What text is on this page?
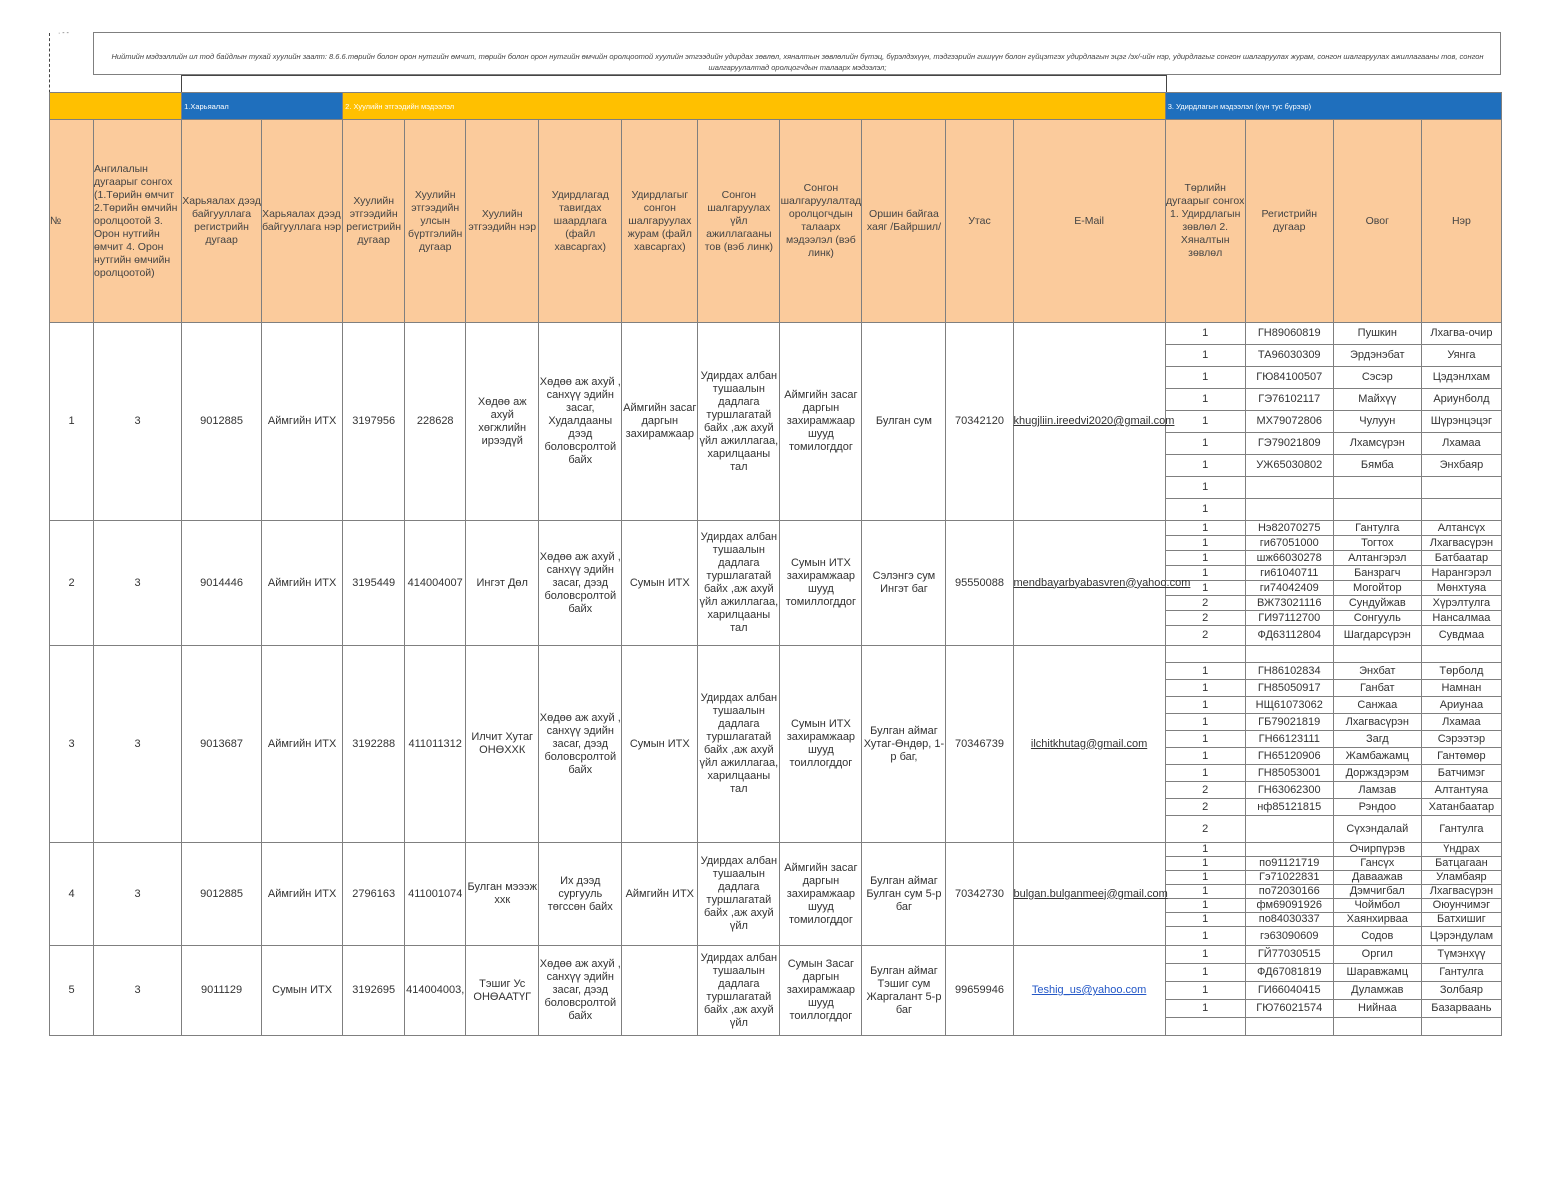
· - -
Нийтийн мэдээллийн ил тод байдлын тухай хуулийн заалт: 8.6.6.төрийн болон орон нутгийн өмчит, төрийн болон орон нутгийн өмчийн оролцоотой хуулийн этгээдийн удирдах зөвлөл, хяналтын зөвлөлийн бүтэц, бүрэлдэхүүн, тэдгээрийн гишүүн болон гүйцэтгэх удирдлагын эцэг /эх/-ийн нэр, удирдлагыг сонгон шалгаруулах журам, сонгон шалгаруулах ажиллагааны тов, сонгон шалгаруулалтад оролцогчдын талаарх мэдээлэл;
		1.Харьяалал		2. Хуулийн этгээдийн мэдээлэл										3. Удирдлагын мэдээлэл (хүн тус бүрээр)			
№	Ангилалын дугаарыг сонгох (1.Төрийн өмчит 2.Төрийн өмчийн оролцоотой 3. Орон нутгийн өмчит 4. Орон нутгийн өмчийн оролцоотой)	Харьяалах дээд байгууллага регистрийн дугаар	Харьяалах дээд байгууллага нэр	Хуулийн этгээдийн регистрийн дугаар	Хуулийн этгээдийн улсын бүртгэлийн дугаар	Хуулийн этгээдийн нэр	Удирдлагад тавигдах шаардлага (файл хавсаргах)	Удирдлагыг сонгон шалгаруулах журам (файл хавсаргах)	Сонгон шалгаруулах үйл ажиллагааны тов (вэб линк)	Сонгон шалгаруулалтад оролцогчдын талаарх мэдээлэл (вэб линк)	Оршин байгаа хаяг /Байршил/	Утас	E-Mail	Төрлийн дугаарыг сонгох 1. Удирдлагын зөвлөл 2. Хяналтын зөвлөл	Регистрийн дугаар	Овог	Нэр
1	3	9012885	Аймгийн ИТХ	3197956	228628	Хөдөө аж ахуй хөгжлийн ирээдүй	Хөдөө аж ахуй , санхүү эдийн засаг, Худалдааны дээд боловсролтой байх	Аймгийн засаг даргын захирамжаар	Удирдах албан тушаалын дадлага туршлагатай байх ,аж ахуй үйл ажиллагаа, харилцааны тал	Аймгийн засаг даргын захирамжаар шууд томилогддог	Булган сум	70342120	khugjliin.ireedvi2020@gmail.com	1	ГН89060819	Пушкин	Лхагва-очир
														1	ТА96030309	Эрдэнэбат	Уянга
														1	ГЮ84100507	Сэсэр	Цэдэнлхам
														1	ГЭ76102117	Майхүү	Ариунболд
														1	МХ79072806	Чулуун	Шүрэнцэцэг
														1	ГЭ79021809	Лхамсүрэн	Лхамаа
														1	УЖ65030802	Бямба	Энхбаяр
														1			
														1			
2	3	9014446	Аймгийн ИТХ	3195449	414004007	Ингэт Дөл	Хөдөө аж ахуй , санхүү эдийн засаг, дээд боловсролтой байх	Сумын ИТХ	Удирдах албан тушаалын дадлага туршлагатай байх ,аж ахуй үйл ажиллагаа, харилцааны тал	Сумын ИТХ захирамжаар шууд томиллогддог	Сэлэнгэ сум Ингэт баг	95550088	mendbayarbyabasvren@yahoo.com	1	Нэ82070275	Гантулга	Алтансүх
														1	ги67051000	Тогтох	Лхагвасүрэн
														1	шж66030278	Алтангэрэл	Батбаатар
														1	ги61040711	Банзрагч	Нарангэрэл
														1	ги74042409	Могойтор	Мөнхтуяа
														2	ВЖ73021116	Сундуйжав	Хүрэлтулга
														2	ГИ97112700	Сонгууль	Нансалмаа
														2	ФД63112804	Шагдарсүрэн	Сувдмаа
3	3	9013687	Аймгийн ИТХ	3192288	411011312	Илчит Хутаг ОНӨХХК	Хөдөө аж ахуй , санхүү эдийн засаг, дээд боловсролтой байх	Сумын ИТХ	Удирдах албан тушаалын дадлага туршлагатай байх ,аж ахуй үйл ажиллагаа, харилцааны тал	Сумын ИТХ захирамжаар шууд тоиллогддог	Булган аймаг Хутаг-Өндөр, 1-р баг,	70346739	ilchitkhutag@gmail.com				
														1	ГН86102834	Энхбат	Төрболд
														1	ГН85050917	Ганбат	Намнан
														1	НЩ61073062	Санжаа	Ариунаа
														1	ГБ79021819	Лхагвасүрэн	Лхамаа
														1	ГН66123111	Загд	Сэрээтэр
														1	ГН65120906	Жамбажамц	Гантөмөр
														1	ГН85053001	Доржздэрэм	Батчимэг
														2	ГН63062300	Ламзав	Алтантуяа
														2	нф85121815	Рэндоо	Хатанбаатар
														2		Сүхэндалай	Гантулга
4	3	9012885	Аймгийн ИТХ	2796163	411001074	Булган мэээж ххк	Их дээд сургууль төгссөн байх	Аймгийн ИТХ	Удирдах албан тушаалын дадлага туршлагатай байх ,аж ахуй үйл	Аймгийн засаг даргын захирамжаар шууд томилогддог	Булган аймаг Булган сум 5-р баг	70342730	bulgan.bulganmeej@gmail.com	1		Очирпүрэв	Үндрах
														1	по91121719	Гансүх	Батцагаан
														1	Гэ71022831	Даваажав	Уламбаяр
														1	по72030166	Дэмчигбал	Лхагвасүрэн
														1	фм69091926	Чоймбол	Оюунчимэг
														1	по84030337	Хаянхирваа	Батхишиг
														1	гэ63090609	Содов	Цэрэндулам
5	3	9011129	Сумын ИТХ	3192695	414004003,	Тэшиг Ус ОНӨААТҮГ	Хөдөө аж ахуй , санхүү эдийн засаг, дээд боловсролтой байх		Удирдах албан тушаалын дадлага туршлагатай байх ,аж ахуй үйл	Сумын Засаг даргын захирамжаар шууд тоиллогддог	Булган аймаг Тэшиг сум Жаргалант 5-р баг	99659946	Teshig_us@yahoo.com	1	ГЙ77030515	Оргил	Түмэнхүү
														1	ФД67081819	Шаравжамц	Гантулга
														1	ГИ66040415	Дуламжав	Золбаяр
														1	ГЮ76021574	Нийнаа	Базарваань
